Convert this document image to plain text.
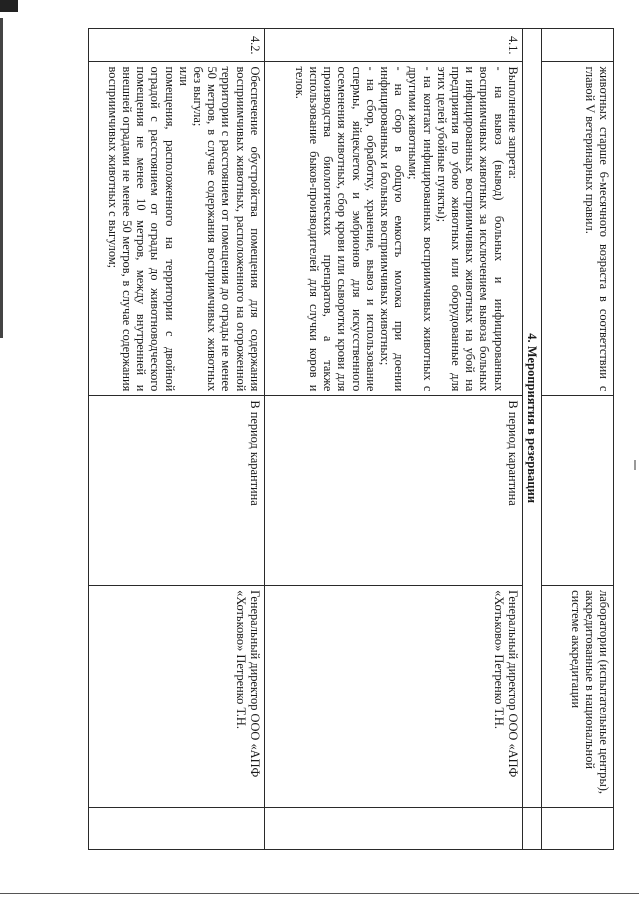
	животных старше 6-месячного возраста в соответствии с главой V ветеринарных правил.		лаборатории (испытательные центры), аккредитованные в национальной системе аккредитации	
4. Мероприятия в резервации				
4.1.	Выполнение запрета:
- на вывоз (вывод) больных и инфицированных восприимчивых животных за исключением вывоза больных и инфицированных восприимчивых животных на убой на предприятия по убою животных или оборудованные для этих целей убойные пункты);
- на контакт инфицированных восприимчивых животных с другими животными;
- на сбор в общую емкость молока при доении инфицированных и больных восприимчивых животных;
- на сбор, обработку, хранение, вывоз и использование спермы, яйцеклеток и эмбрионов для искусственного осеменения животных, сбор крови или сыворотки крови для производства биологических препаратов, а также использование быков-производителей для случки коров и телок.	В период карантина	Генеральный директор ООО «АПФ «Хотьково» Петренко Т.Н.	
4.2.	Обеспечение обустройства помещения для содержания восприимчивых животных, расположенного на огороженной территории с расстоянием от помещения до ограды не менее 50 метров, в случае содержания восприимчивых животных без выгула;
или
помещения, расположенного на территории с двойной оградой с расстоянием от ограды до животноводческого помещения не менее 10 метров, между внутренней и внешней оградами не менее 50 метров, в случае содержания восприимчивых животных с выгулом;	В период карантина	Генеральный директор ООО «АПФ «Хотьково» Петренко Т.Н.	
